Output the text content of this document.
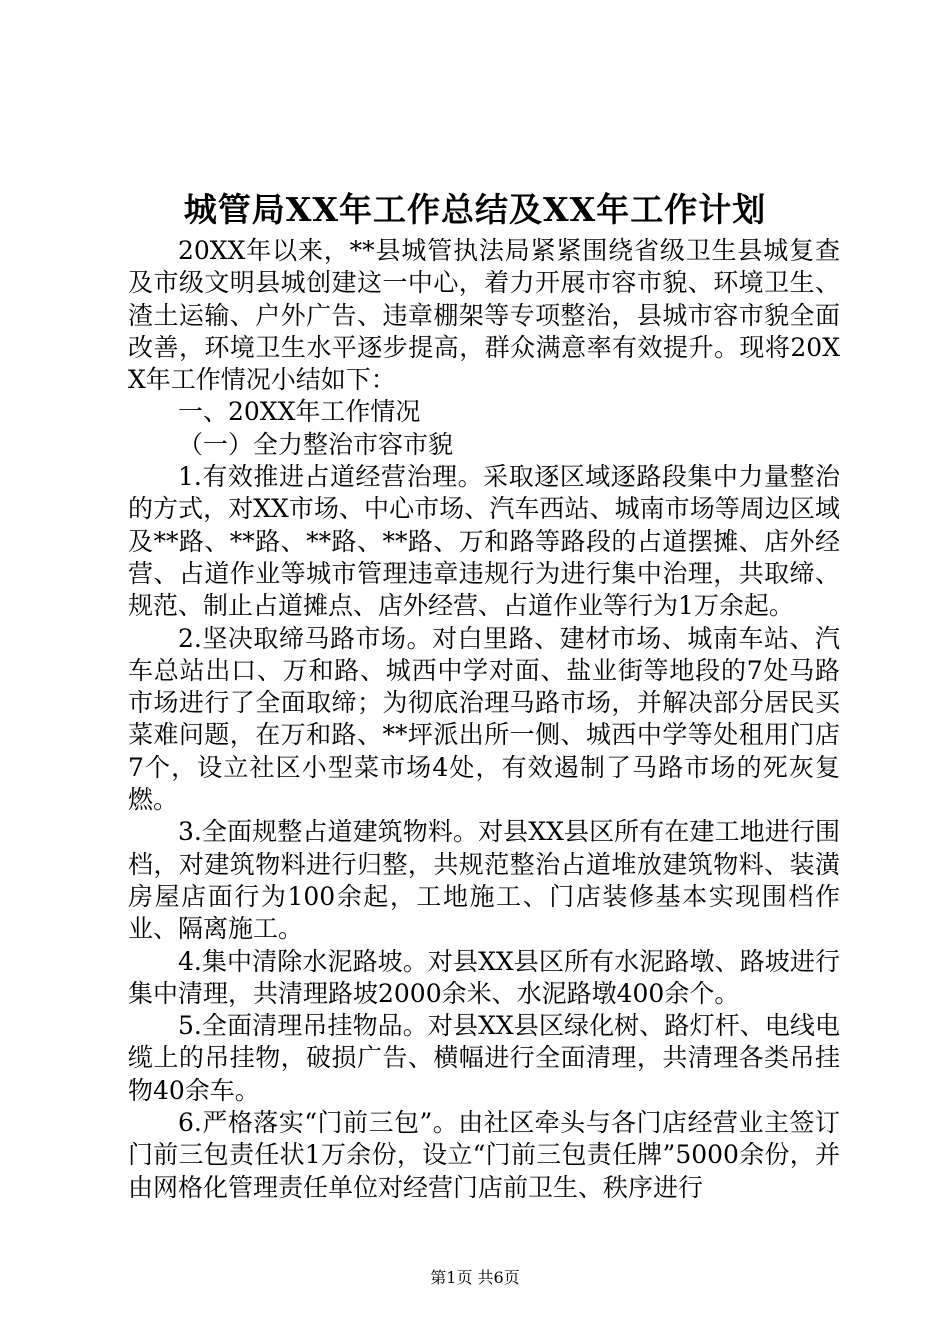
城管局XX年工作总结及XX年工作计划

20XX年以来，**县城管执法局紧紧围绕省级卫生县城复查及市级文明县城创建这一中心，着力开展市容市貌、环境卫生、渣土运输、户外广告、违章棚架等专项整治，县城市容市貌全面改善，环境卫生水平逐步提高，群众满意率有效提升。现将20XX年工作情况小结如下：

一、20XX年工作情况

（一）全力整治市容市貌

1.有效推进占道经营治理。采取逐区域逐路段集中力量整治的方式，对XX市场、中心市场、汽车西站、城南市场等周边区域及**路、**路、**路、**路、万和路等路段的占道摆摊、店外经营、占道作业等城市管理违章违规行为进行集中治理，共取缔、规范、制止占道摊点、店外经营、占道作业等行为1万余起。

2.坚决取缔马路市场。对白里路、建材市场、城南车站、汽车总站出口、万和路、城西中学对面、盐业街等地段的7处马路市场进行了全面取缔；为彻底治理马路市场，并解决部分居民买菜难问题，在万和路、**坪派出所一侧、城西中学等处租用门店7个，设立社区小型菜市场4处，有效遏制了马路市场的死灰复燃。

3.全面规整占道建筑物料。对县XX县区所有在建工地进行围档，对建筑物料进行归整，共规范整治占道堆放建筑物料、装潢房屋店面行为100余起，工地施工、门店装修基本实现围档作业、隔离施工。

4.集中清除水泥路坡。对县XX县区所有水泥路墩、路坡进行集中清理，共清理路坡2000余米、水泥路墩400余个。

5.全面清理吊挂物品。对县XX县区绿化树、路灯杆、电线电缆上的吊挂物，破损广告、横幅进行全面清理，共清理各类吊挂物40余车。

6.严格落实“门前三包”。由社区牵头与各门店经营业主签订门前三包责任状1万余份，设立“门前三包责任牌”5000余份，并由网格化管理责任单位对经营门店前卫生、秩序进行

第1页 共6页
